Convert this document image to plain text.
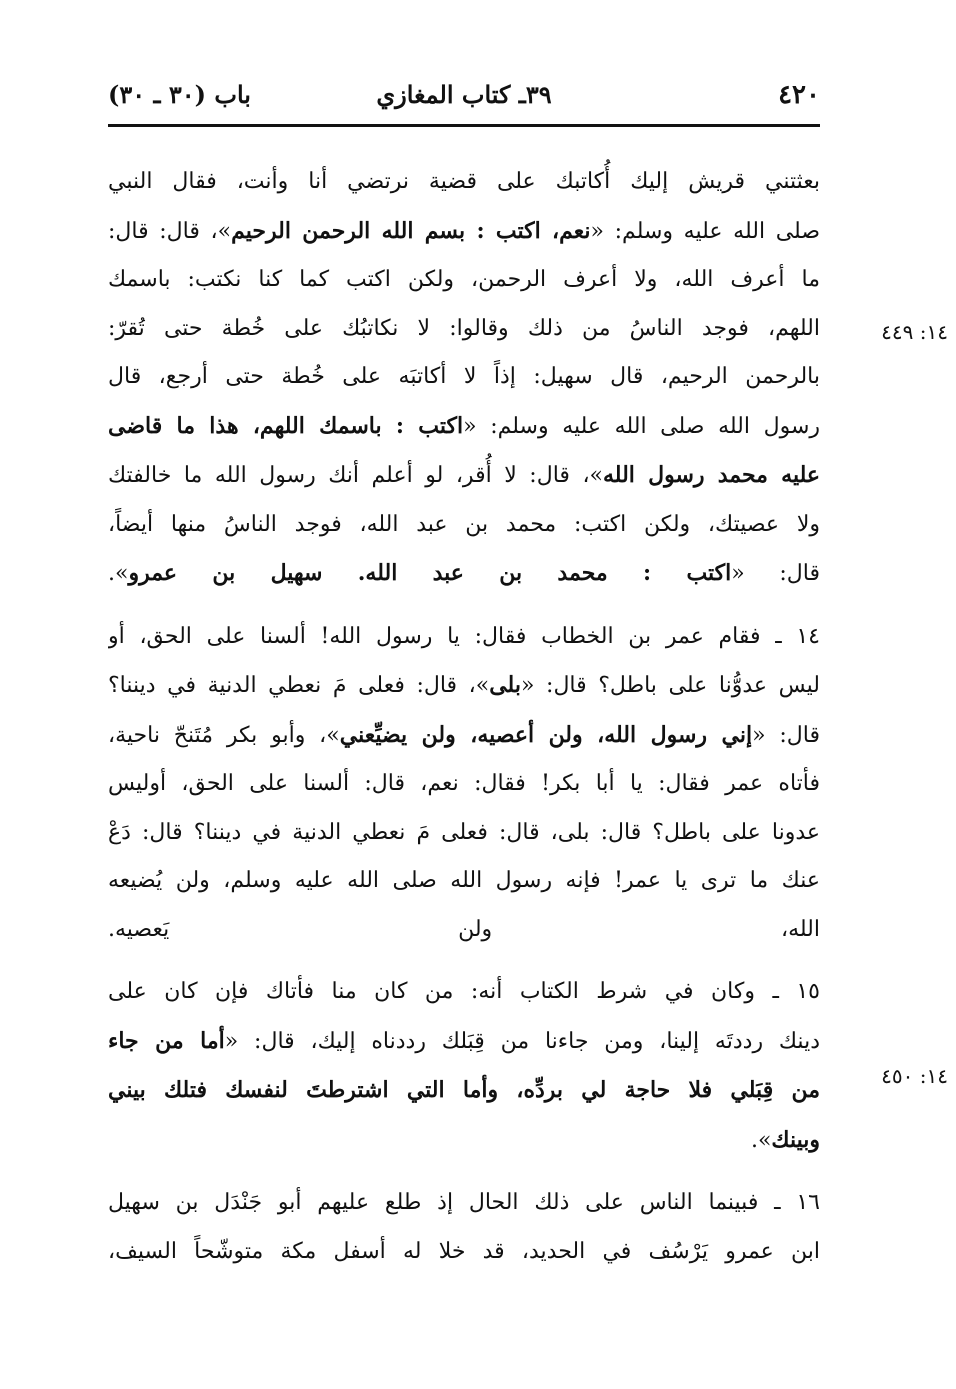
٤٢٠
٣٩ـ كتاب المغازي
باب (٣٠ ـ ٣٠)
١٤: ٤٤٩
١٤: ٤٥٠

بعثتني قريش إليك أُكاتبك على قضية نرتضي أنا وأنت، فقال النبي

صلى الله عليه وسلم: «نعم، اكتب : بسم الله الرحمن الرحيم»، قال: قال:

ما أعرف الله، ولا أعرف الرحمن، ولكن اكتب كما كنا نكتب: باسمك

اللهم، فوجد الناسُ من ذلك وقالوا: لا نكاتبُك على خُطة حتى تُقرّ:

بالرحمن الرحيم، قال سهيل: إذاً لا أكاتبَه على خُطة حتى أرجع، قال

رسول الله صلى الله عليه وسلم: «اكتب : باسمك اللهم، هذا ما قاضى

عليه محمد رسول الله»، قال: لا أُقر، لو أعلم أنك رسول الله ما خالفتك

ولا عصيتك، ولكن اكتب: محمد بن عبد الله، فوجد الناسُ منها أيضاً،

قال: «اكتب : محمد بن عبد الله. سهيل بن عمرو».

١٤ ـ فقام عمر بن الخطاب فقال: يا رسول الله! ألسنا على الحق، أو

ليس عدوُّنا على باطل؟ قال: «بلى»، قال: فعلى مَ نعطي الدنية في ديننا؟

قال: «إني رسول الله، ولن أعصيه، ولن يضيِّعني»، وأبو بكر مُتَنحّ ناحية،

فأتاه عمر فقال: يا أبا بكر! فقال: نعم، قال: ألسنا على الحق، أوليس

عدونا على باطل؟ قال: بلى، قال: فعلى مَ نعطي الدنية في ديننا؟ قال: دَعْ

عنك ما ترى يا عمر! فإنه رسول الله صلى الله عليه وسلم، ولن يُضيعه

الله، ولن يَعصيه.

١٥ ـ وكان في شرط الكتاب أنه: من كان منا فأتاك فإن كان على

دينك رددتَه إلينا، ومن جاءنا من قِبَلك رددناه إليك، قال: «أما من جاء

من قِبَلي فلا حاجة لي بردِّه، وأما التي اشترطتَ لنفسك فتلك بيني

وبينك».

١٦ ـ فبينما الناس على ذلك الحال إذ طلع عليهم أبو جَنْدَل بن سهيل

ابن عمرو يَرْسُف في الحديد، قد خلا له أسفل مكة متوشّحاً السيف،
